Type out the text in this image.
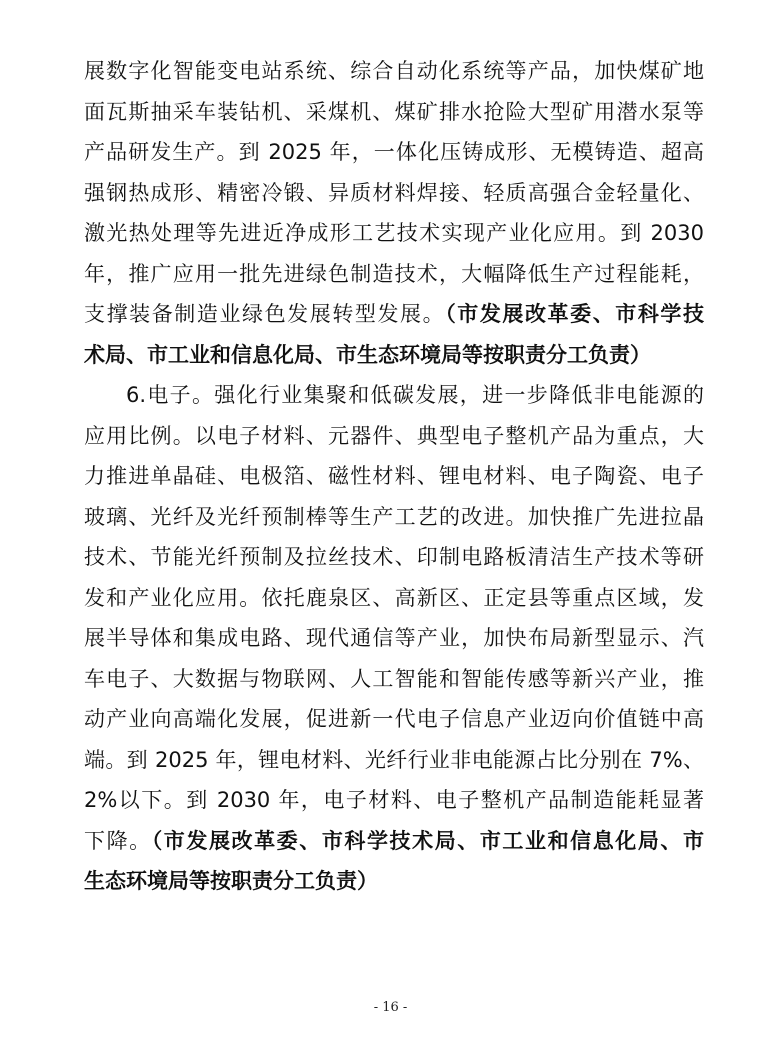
展数字化智能变电站系统、综合自动化系统等产品，加快煤矿地
面瓦斯抽采车装钻机、采煤机、煤矿排水抢险大型矿用潜水泵等
产品研发生产。到 2025 年，一体化压铸成形、无模铸造、超高
强钢热成形、精密冷锻、异质材料焊接、轻质高强合金轻量化、
激光热处理等先进近净成形工艺技术实现产业化应用。到 2030
年，推广应用一批先进绿色制造技术，大幅降低生产过程能耗，
支撑装备制造业绿色发展转型发展。（市发展改革委、市科学技
术局、市工业和信息化局、市生态环境局等按职责分工负责）
6.电子。强化行业集聚和低碳发展，进一步降低非电能源的
应用比例。以电子材料、元器件、典型电子整机产品为重点，大
力推进单晶硅、电极箔、磁性材料、锂电材料、电子陶瓷、电子
玻璃、光纤及光纤预制棒等生产工艺的改进。加快推广先进拉晶
技术、节能光纤预制及拉丝技术、印制电路板清洁生产技术等研
发和产业化应用。依托鹿泉区、高新区、正定县等重点区域，发
展半导体和集成电路、现代通信等产业，加快布局新型显示、汽
车电子、大数据与物联网、人工智能和智能传感等新兴产业，推
动产业向高端化发展，促进新一代电子信息产业迈向价值链中高
端。到 2025 年，锂电材料、光纤行业非电能源占比分别在 7%、
2%以下。到 2030 年，电子材料、电子整机产品制造能耗显著
下降。（市发展改革委、市科学技术局、市工业和信息化局、市
生态环境局等按职责分工负责）
- 16 -
